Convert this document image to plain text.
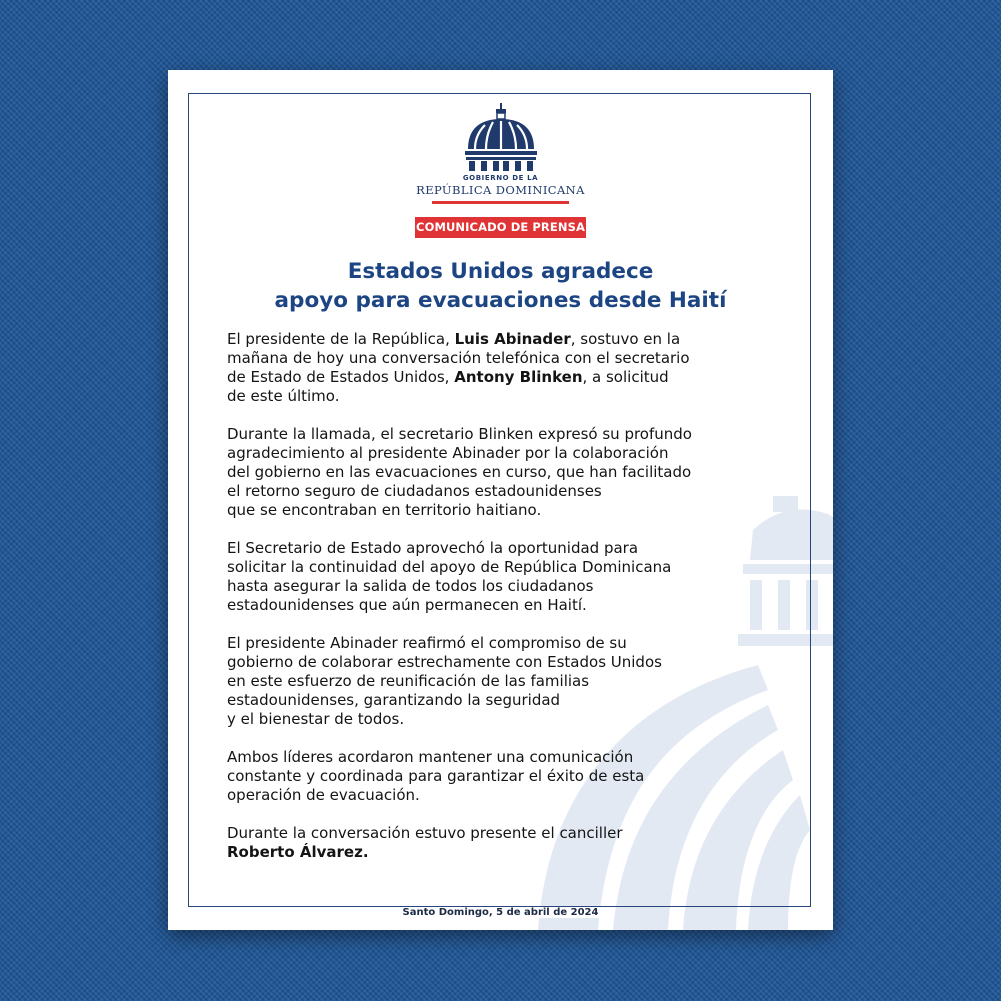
GOBIERNO DE LA
REPÚBLICA DOMINICANA
COMUNICADO DE PRENSA
Estados Unidos agradece
apoyo para evacuaciones desde Haití

El presidente de la República, Luis Abinader, sostuvo en la
mañana de hoy una conversación telefónica con el secretario
de Estado de Estados Unidos, Antony Blinken, a solicitud
de este último.

Durante la llamada, el secretario Blinken expresó su profundo
agradecimiento al presidente Abinader por la colaboración
del gobierno en las evacuaciones en curso, que han facilitado
el retorno seguro de ciudadanos estadounidenses
que se encontraban en territorio haitiano.

El Secretario de Estado aprovechó la oportunidad para
solicitar la continuidad del apoyo de República Dominicana
hasta asegurar la salida de todos los ciudadanos
estadounidenses que aún permanecen en Haití.

El presidente Abinader reafirmó el compromiso de su
gobierno de colaborar estrechamente con Estados Unidos
en este esfuerzo de reunificación de las familias
estadounidenses, garantizando la seguridad
y el bienestar de todos.

Ambos líderes acordaron mantener una comunicación
constante y coordinada para garantizar el éxito de esta
operación de evacuación.

Durante la conversación estuvo presente el canciller
Roberto Álvarez.

Santo Domingo, 5 de abril de 2024
